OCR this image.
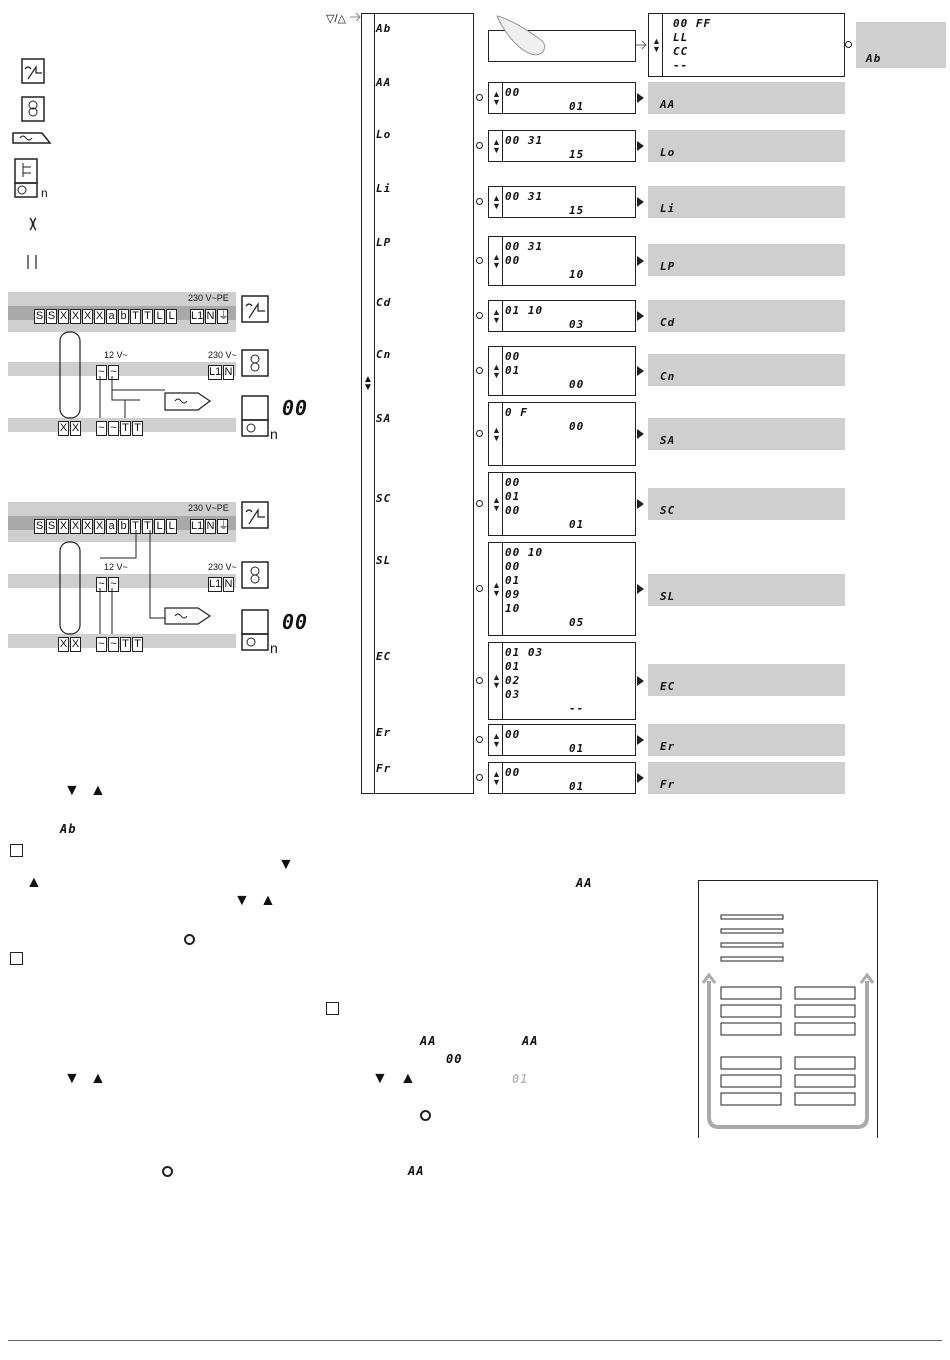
n
230 V~PE
S S X X X X a b T T L L	L1 N ⏚
12 V~	230 V~
~ ~	L1 N
X X ~ ~ T T
00
n
230 V~PE
S S X X X X a b T T L L	L1 N ⏚
12 V~	230 V~
~ ~	L1 N
X X ~ ~ T T
00
n
▽/△
▲
▼
Ab
AA
Lo
Li
LP
Cd
Cn
SA
SC
SL
EC
Er
Fr
▲
▼
00 FF
LL
CC
--
Ab
▲
▼
00
01	AA
▲
▼
00 31
15	Lo
▲
▼
00 31
15	Li
▲
▼
00 31
00
10
LP
▲
▼
01 10
03	Cd
▲
▼
00
01
00
Cn
▲
▼
0 F
00
SA
▲
▼
00
01
00
01
SC
▲
▼
00 10
00
01
09
10
05
SL
▲
▼
01 03
01
02
03
--
EC
▲
▼
00
01	Er
▲
▼
00
01	Fr
▼ ▲
Ab
▼
▲	AA
▼ ▲
AA	AA
00
▼ ▲	▼ ▲	01
AA
